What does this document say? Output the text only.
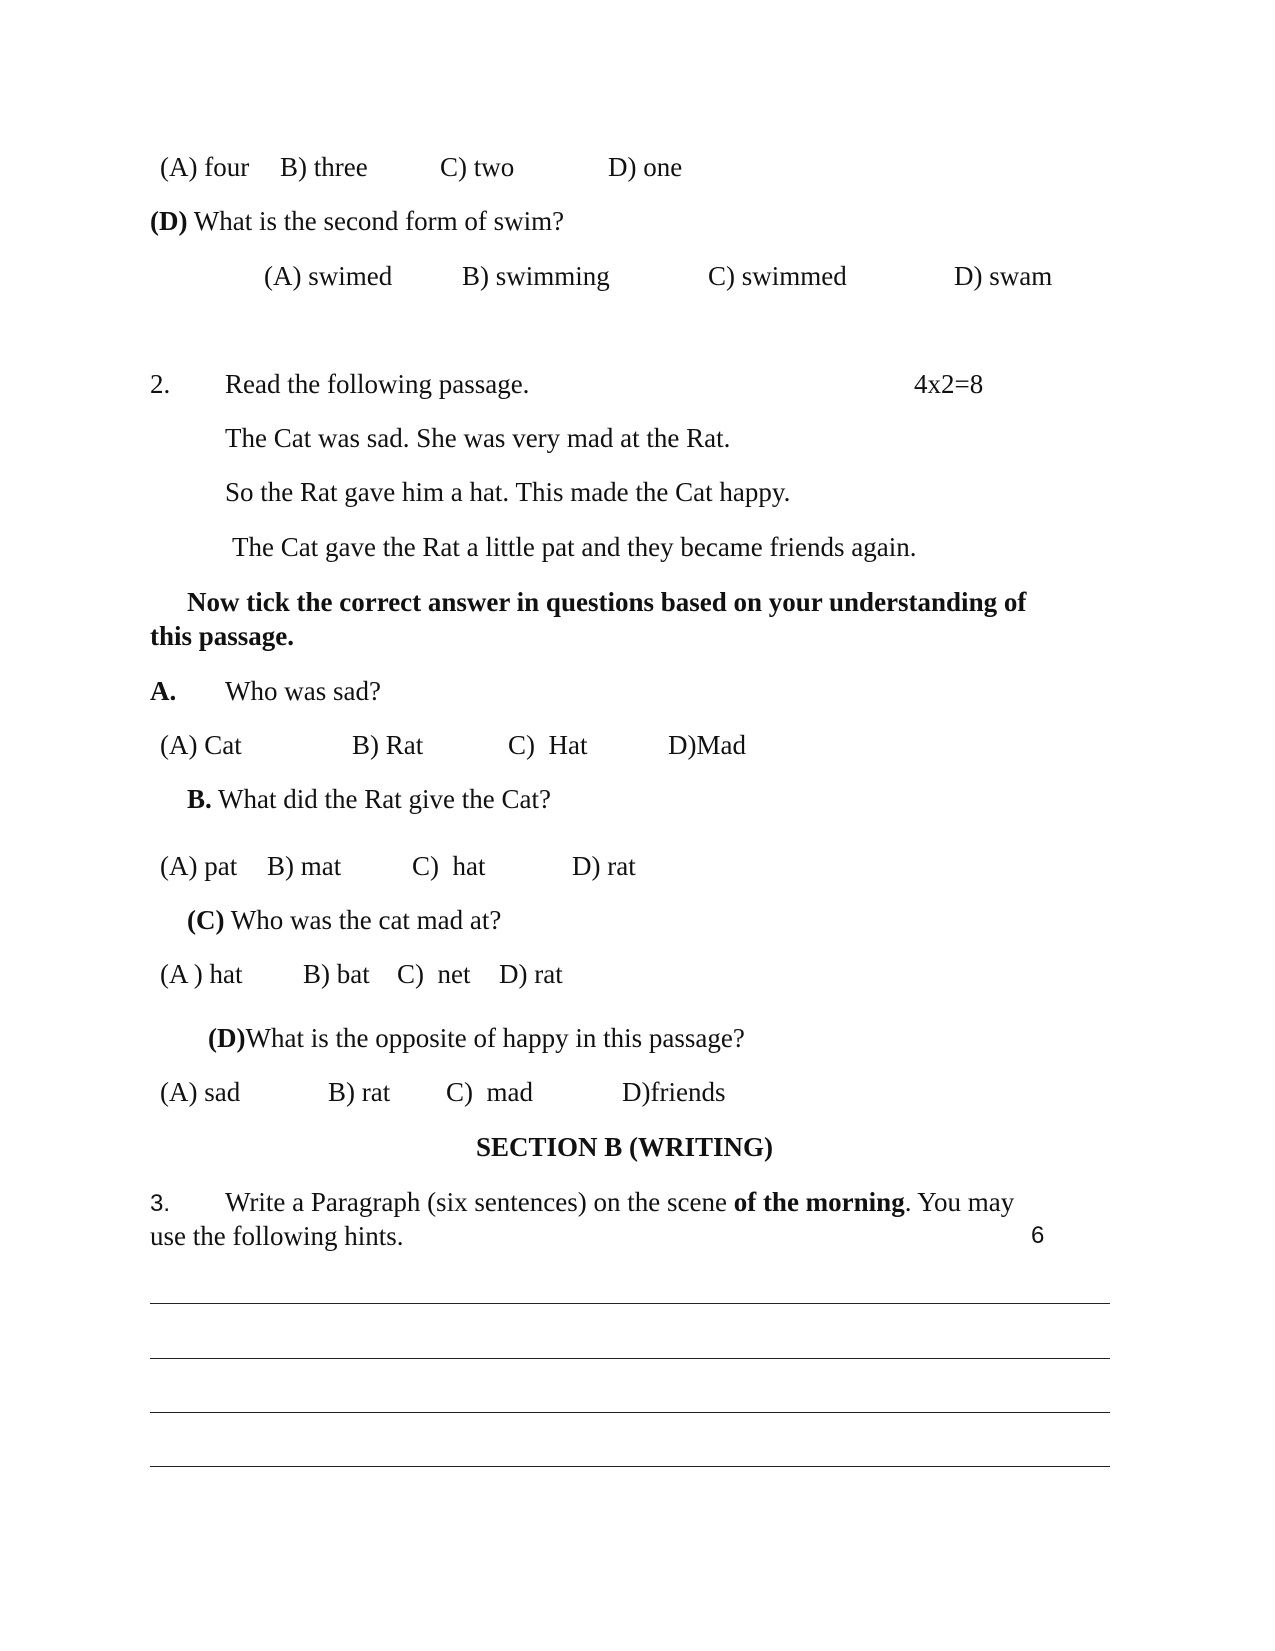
(A) four B) three	C) two	D) one
(D) What is the second form of swim?
(A) swimed	B) swimming	C) swimmed	D) swam
2. Read the following passage.	4x2=8
The Cat was sad. She was very mad at the Rat.
So the Rat gave him a hat. This made the Cat happy.
The Cat gave the Rat a little pat and they became friends again.
Now tick the correct answer in questions based on your understanding of
this passage.
A. Who was sad?
(A) Cat	B) Rat	C)  Hat	D)Mad
B. What did the Rat give the Cat?
(A) pat B) mat	C)  hat	D) rat
(C) Who was the cat mad at?
(A ) hat B) bat C)  net D) rat
(D)What is the opposite of happy in this passage?
(A) sad	B) rat C)  mad	D)friends
SECTION B (WRITING)
3. Write a Paragraph (six sentences) on the scene of the morning. You may
use the following hints.	6
